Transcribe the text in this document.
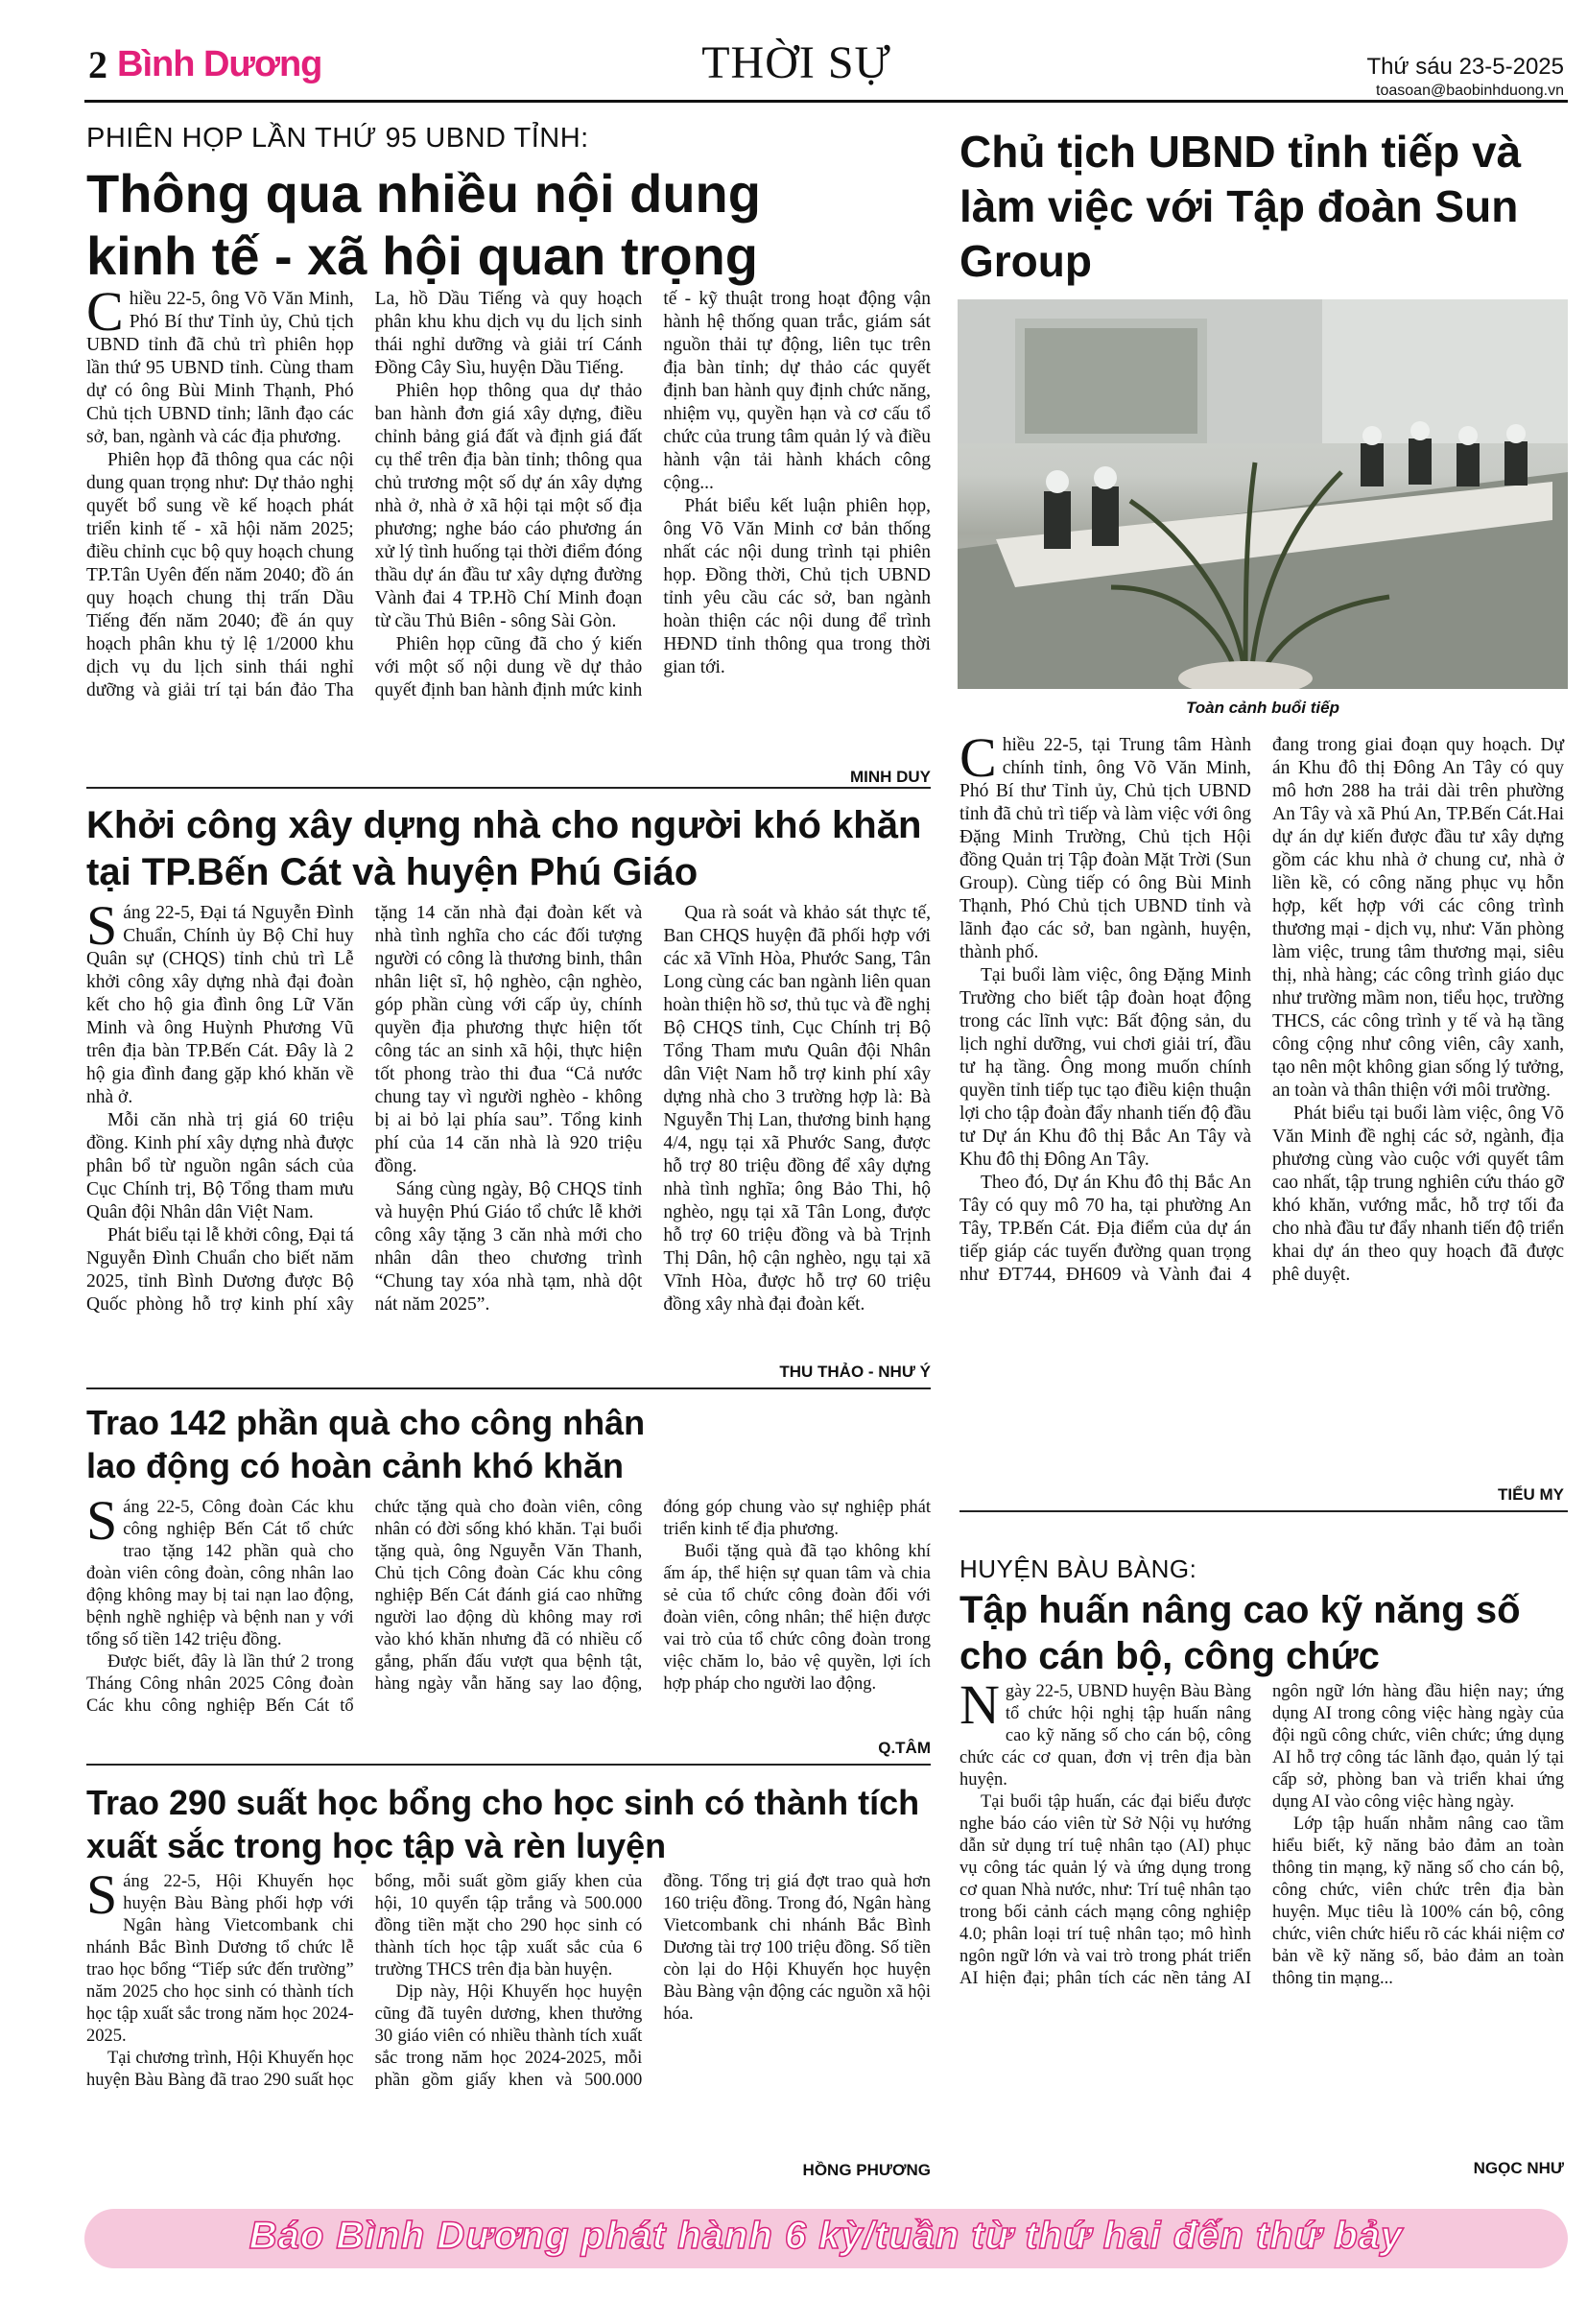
2 Bình Dương	THỜI SỰ	Thứ sáu 23-5-2025
toasoan@baobinhduong.vn
PHIÊN HỌP LẦN THỨ 95 UBND TỈNH:
Thông qua nhiều nội dung kinh tế - xã hội quan trọng

Chiều 22-5, ông Võ Văn Minh, Phó Bí thư Tỉnh ủy, Chủ tịch UBND tỉnh đã chủ trì phiên họp lần thứ 95 UBND tỉnh. Cùng tham dự có ông Bùi Minh Thạnh, Phó Chủ tịch UBND tỉnh; lãnh đạo các sở, ban, ngành và các địa phương.

Phiên họp đã thông qua các nội dung quan trọng như: Dự thảo nghị quyết bổ sung về kế hoạch phát triển kinh tế - xã hội năm 2025; điều chỉnh cục bộ quy hoạch chung TP.Tân Uyên đến năm 2040; đồ án quy hoạch chung thị trấn Dầu Tiếng đến năm 2040; đề án quy hoạch phân khu tỷ lệ 1/2000 khu dịch vụ du lịch sinh thái nghỉ dưỡng và giải trí tại bán đảo Tha La, hồ Dầu Tiếng và quy hoạch phân khu khu dịch vụ du lịch sinh thái nghỉ dưỡng và giải trí Cánh Đồng Cây Sìu, huyện Dầu Tiếng.

Phiên họp thông qua dự thảo ban hành đơn giá xây dựng, điều chỉnh bảng giá đất và định giá đất cụ thể trên địa bàn tỉnh; thông qua chủ trương một số dự án xây dựng nhà ở, nhà ở xã hội tại một số địa phương; nghe báo cáo phương án xử lý tình huống tại thời điểm đóng thầu dự án đầu tư xây dựng đường Vành đai 4 TP.Hồ Chí Minh đoạn từ cầu Thủ Biên - sông Sài Gòn.

Phiên họp cũng đã cho ý kiến với một số nội dung về dự thảo quyết định ban hành định mức kinh tế - kỹ thuật trong hoạt động vận hành hệ thống quan trắc, giám sát nguồn thải tự động, liên tục trên địa bàn tỉnh; dự thảo các quyết định ban hành quy định chức năng, nhiệm vụ, quyền hạn và cơ cấu tổ chức của trung tâm quản lý và điều hành vận tải hành khách công cộng...

Phát biểu kết luận phiên họp, ông Võ Văn Minh cơ bản thống nhất các nội dung trình tại phiên họp. Đồng thời, Chủ tịch UBND tỉnh yêu cầu các sở, ban ngành hoàn thiện các nội dung để trình HĐND tỉnh thông qua trong thời gian tới.

MINH DUY
Chủ tịch UBND tỉnh tiếp và làm việc với Tập đoàn Sun Group
Toàn cảnh buổi tiếp

Chiều 22-5, tại Trung tâm Hành chính tỉnh, ông Võ Văn Minh, Phó Bí thư Tỉnh ủy, Chủ tịch UBND tỉnh đã chủ trì tiếp và làm việc với ông Đặng Minh Trường, Chủ tịch Hội đồng Quản trị Tập đoàn Mặt Trời (Sun Group). Cùng tiếp có ông Bùi Minh Thạnh, Phó Chủ tịch UBND tỉnh và lãnh đạo các sở, ban ngành, huyện, thành phố.

Tại buổi làm việc, ông Đặng Minh Trường cho biết tập đoàn hoạt động trong các lĩnh vực: Bất động sản, du lịch nghỉ dưỡng, vui chơi giải trí, đầu tư hạ tầng. Ông mong muốn chính quyền tỉnh tiếp tục tạo điều kiện thuận lợi cho tập đoàn đẩy nhanh tiến độ đầu tư Dự án Khu đô thị Bắc An Tây và Khu đô thị Đông An Tây.

Theo đó, Dự án Khu đô thị Bắc An Tây có quy mô 70 ha, tại phường An Tây, TP.Bến Cát. Địa điểm của dự án tiếp giáp các tuyến đường quan trọng như ĐT744, ĐH609 và Vành đai 4 đang trong giai đoạn quy hoạch. Dự án Khu đô thị Đông An Tây có quy mô hơn 288 ha trải dài trên phường An Tây và xã Phú An, TP.Bến Cát.Hai dự án dự kiến được đầu tư xây dựng gồm các khu nhà ở chung cư, nhà ở liền kề, có công năng phục vụ hỗn hợp, kết hợp với các công trình thương mại - dịch vụ, như: Văn phòng làm việc, trung tâm thương mại, siêu thị, nhà hàng; các công trình giáo dục như trường mầm non, tiểu học, trường THCS, các công trình y tế và hạ tầng công cộng như công viên, cây xanh, tạo nên một không gian sống lý tưởng, an toàn và thân thiện với môi trường.

Phát biểu tại buổi làm việc, ông Võ Văn Minh đề nghị các sở, ngành, địa phương cùng vào cuộc với quyết tâm cao nhất, tập trung nghiên cứu tháo gỡ khó khăn, vướng mắc, hỗ trợ tối đa cho nhà đầu tư đẩy nhanh tiến độ triển khai dự án theo quy hoạch đã được phê duyệt.

TIỂU MY
Khởi công xây dựng nhà cho người khó khăn tại TP.Bến Cát và huyện Phú Giáo

Sáng 22-5, Đại tá Nguyễn Đình Chuẩn, Chính ủy Bộ Chỉ huy Quân sự (CHQS) tỉnh chủ trì Lễ khởi công xây dựng nhà đại đoàn kết cho hộ gia đình ông Lữ Văn Minh và ông Huỳnh Phương Vũ trên địa bàn TP.Bến Cát. Đây là 2 hộ gia đình đang gặp khó khăn về nhà ở.

Mỗi căn nhà trị giá 60 triệu đồng. Kinh phí xây dựng nhà được phân bổ từ nguồn ngân sách của Cục Chính trị, Bộ Tổng tham mưu Quân đội Nhân dân Việt Nam.

Phát biểu tại lễ khởi công, Đại tá Nguyễn Đình Chuẩn cho biết năm 2025, tỉnh Bình Dương được Bộ Quốc phòng hỗ trợ kinh phí xây tặng 14 căn nhà đại đoàn kết và nhà tình nghĩa cho các đối tượng người có công là thương binh, thân nhân liệt sĩ, hộ nghèo, cận nghèo, góp phần cùng với cấp ủy, chính quyền địa phương thực hiện tốt công tác an sinh xã hội, thực hiện tốt phong trào thi đua “Cả nước chung tay vì người nghèo - không bị ai bỏ lại phía sau”. Tổng kinh phí của 14 căn nhà là 920 triệu đồng.

Sáng cùng ngày, Bộ CHQS tỉnh và huyện Phú Giáo tổ chức lễ khởi công xây tặng 3 căn nhà mới cho nhân dân theo chương trình “Chung tay xóa nhà tạm, nhà dột nát năm 2025”.

Qua rà soát và khảo sát thực tế, Ban CHQS huyện đã phối hợp với các xã Vĩnh Hòa, Phước Sang, Tân Long cùng các ban ngành liên quan hoàn thiện hồ sơ, thủ tục và đề nghị Bộ CHQS tỉnh, Cục Chính trị Bộ Tổng Tham mưu Quân đội Nhân dân Việt Nam hỗ trợ kinh phí xây dựng nhà cho 3 trường hợp là: Bà Nguyễn Thị Lan, thương binh hạng 4/4, ngụ tại xã Phước Sang, được hỗ trợ 80 triệu đồng để xây dựng nhà tình nghĩa; ông Bảo Thi, hộ nghèo, ngụ tại xã Tân Long, được hỗ trợ 60 triệu đồng và bà Trịnh Thị Dân, hộ cận nghèo, ngụ tại xã Vĩnh Hòa, được hỗ trợ 60 triệu đồng xây nhà đại đoàn kết.

THU THẢO - NHƯ Ý
Trao 142 phần quà cho công nhân lao động có hoàn cảnh khó khăn

Sáng 22-5, Công đoàn Các khu công nghiệp Bến Cát tổ chức trao tặng 142 phần quà cho đoàn viên công đoàn, công nhân lao động không may bị tai nạn lao động, bệnh nghề nghiệp và bệnh nan y với tổng số tiền 142 triệu đồng.

Được biết, đây là lần thứ 2 trong Tháng Công nhân 2025 Công đoàn Các khu công nghiệp Bến Cát tổ chức tặng quà cho đoàn viên, công nhân có đời sống khó khăn. Tại buổi tặng quà, ông Nguyễn Văn Thanh, Chủ tịch Công đoàn Các khu công nghiệp Bến Cát đánh giá cao những người lao động dù không may rơi vào khó khăn nhưng đã có nhiều cố gắng, phấn đấu vượt qua bệnh tật, hàng ngày vẫn hăng say lao động, đóng góp chung vào sự nghiệp phát triển kinh tế địa phương.

Buổi tặng quà đã tạo không khí ấm áp, thể hiện sự quan tâm và chia sẻ của tổ chức công đoàn đối với đoàn viên, công nhân; thể hiện được vai trò của tổ chức công đoàn trong việc chăm lo, bảo vệ quyền, lợi ích hợp pháp cho người lao động.

Q.TÂM
Trao 290 suất học bổng cho học sinh có thành tích xuất sắc trong học tập và rèn luyện

Sáng 22-5, Hội Khuyến học huyện Bàu Bàng phối hợp với Ngân hàng Vietcombank chi nhánh Bắc Bình Dương tổ chức lễ trao học bổng “Tiếp sức đến trường” năm 2025 cho học sinh có thành tích học tập xuất sắc trong năm học 2024-2025.

Tại chương trình, Hội Khuyến học huyện Bàu Bàng đã trao 290 suất học bổng, mỗi suất gồm giấy khen của hội, 10 quyển tập trắng và 500.000 đồng tiền mặt cho 290 học sinh có thành tích học tập xuất sắc của 6 trường THCS trên địa bàn huyện.

Dịp này, Hội Khuyến học huyện cũng đã tuyên dương, khen thưởng 30 giáo viên có nhiều thành tích xuất sắc trong năm học 2024-2025, mỗi phần gồm giấy khen và 500.000 đồng. Tổng trị giá đợt trao quà hơn 160 triệu đồng. Trong đó, Ngân hàng Vietcombank chi nhánh Bắc Bình Dương tài trợ 100 triệu đồng. Số tiền còn lại do Hội Khuyến học huyện Bàu Bàng vận động các nguồn xã hội hóa.

HỒNG PHƯƠNG
HUYỆN BÀU BÀNG:
Tập huấn nâng cao kỹ năng số cho cán bộ, công chức

Ngày 22-5, UBND huyện Bàu Bàng tổ chức hội nghị tập huấn nâng cao kỹ năng số cho cán bộ, công chức các cơ quan, đơn vị trên địa bàn huyện.

Tại buổi tập huấn, các đại biểu được nghe báo cáo viên từ Sở Nội vụ hướng dẫn sử dụng trí tuệ nhân tạo (AI) phục vụ công tác quản lý và ứng dụng trong cơ quan Nhà nước, như: Trí tuệ nhân tạo trong bối cảnh cách mạng công nghiệp 4.0; phân loại trí tuệ nhân tạo; mô hình ngôn ngữ lớn và vai trò trong phát triển AI hiện đại; phân tích các nền tảng AI ngôn ngữ lớn hàng đầu hiện nay; ứng dụng AI trong công việc hàng ngày của đội ngũ công chức, viên chức; ứng dụng AI hỗ trợ công tác lãnh đạo, quản lý tại cấp sở, phòng ban và triển khai ứng dụng AI vào công việc hàng ngày.

Lớp tập huấn nhằm nâng cao tầm hiểu biết, kỹ năng bảo đảm an toàn thông tin mạng, kỹ năng số cho cán bộ, công chức, viên chức trên địa bàn huyện. Mục tiêu là 100% cán bộ, công chức, viên chức hiểu rõ các khái niệm cơ bản về kỹ năng số, bảo đảm an toàn thông tin mạng...

NGỌC NHƯ
Báo Bình Dương phát hành 6 kỳ/tuần từ thứ hai đến thứ bảy
